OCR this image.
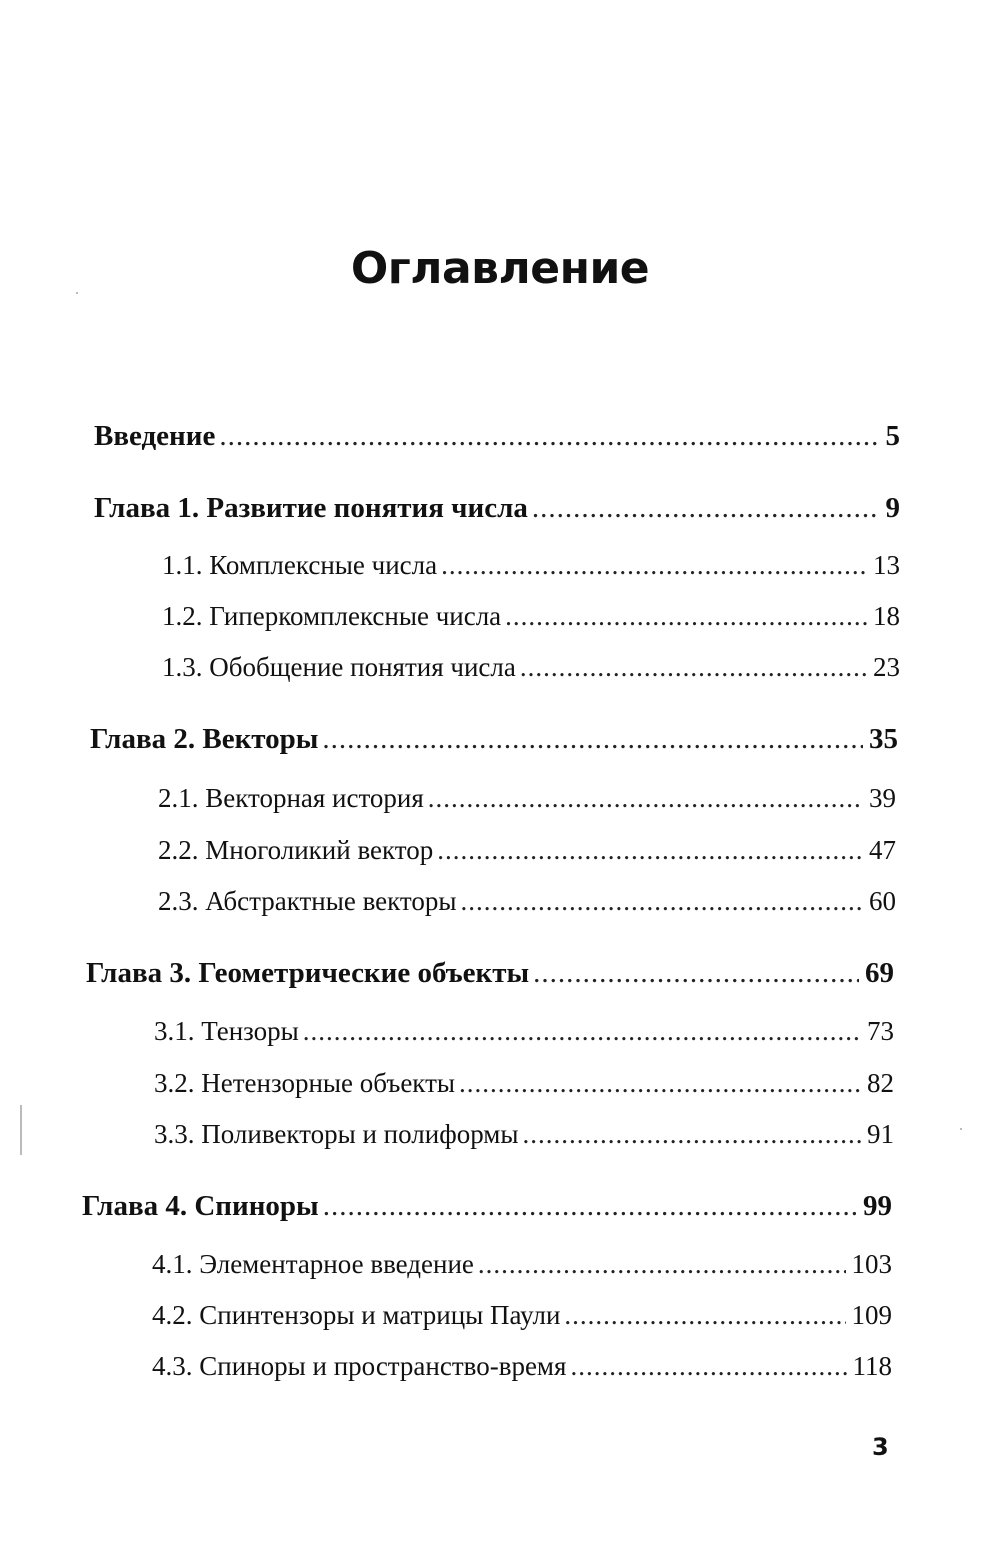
Оглавление
Введение .....	5
Глава 1. Развитие понятия числа .....	9
1.1. Комплексные числа .....	13
1.2. Гиперкомплексные числа .....	18
1.3. Обобщение понятия числа .....	23
Глава 2. Векторы .....	35
2.1. Векторная история .....	39
2.2. Многоликий вектор .....	47
2.3. Абстрактные векторы .....	60
Глава 3. Геометрические объекты .....	69
3.1. Тензоры .....	73
3.2. Нетензорные объекты .....	82
3.3. Поливекторы и полиформы .....	91
Глава 4. Спиноры .....	99
4.1. Элементарное введение .....	103
4.2. Спинтензоры и матрицы Паули .....	109
4.3. Спиноры и пространство-время .....	118
3
